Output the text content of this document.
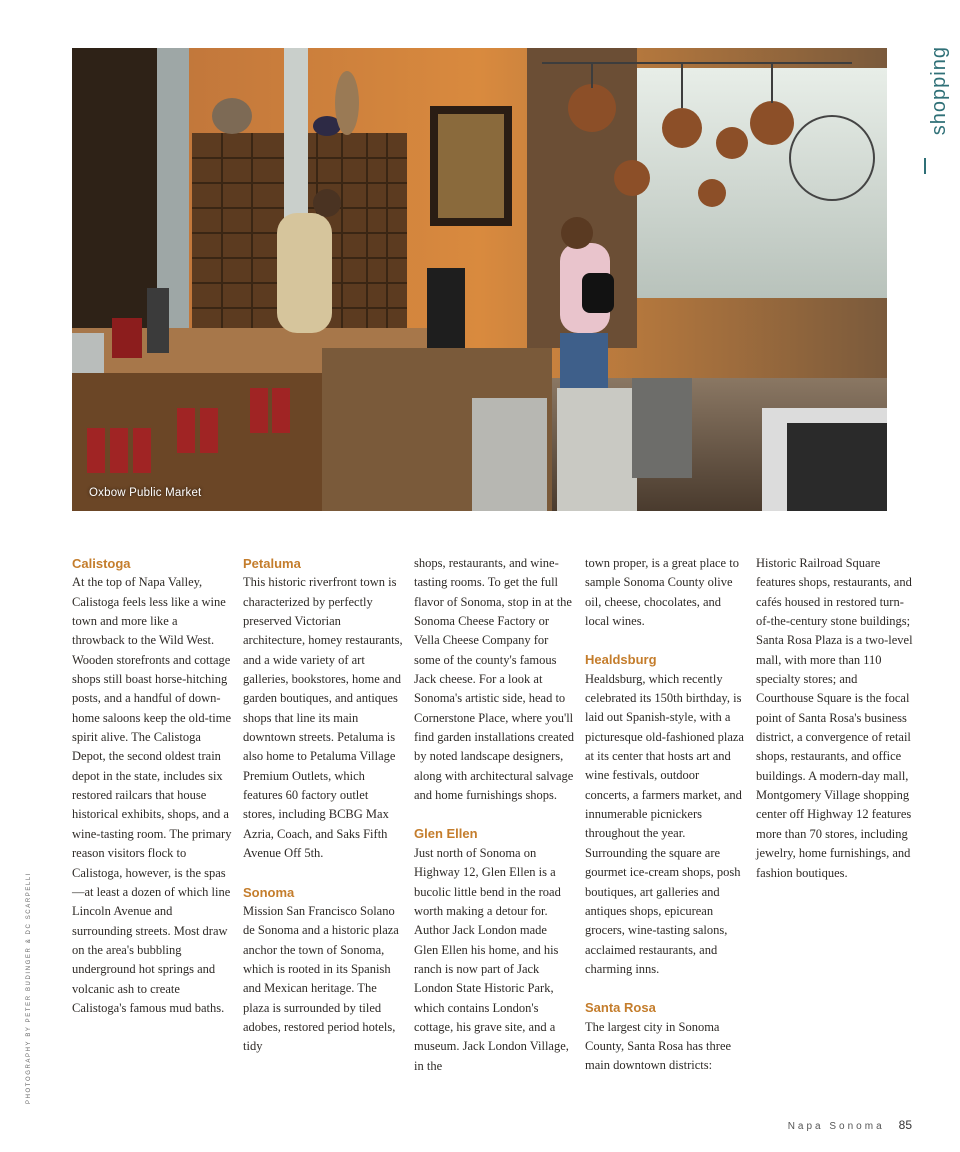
Oxbow Public Market
shopping
PHOTOGRAPHY BY PETER BUDINGER & DC SCARPELLI
Calistoga

At the top of Napa Valley, Calistoga feels less like a wine town and more like a throwback to the Wild West. Wooden storefronts and cottage shops still boast horse-hitching posts, and a handful of down-home saloons keep the old-time spirit alive. The Calistoga Depot, the second oldest train depot in the state, includes six restored railcars that house historical exhibits, shops, and a wine-tasting room. The primary reason visitors flock to Calistoga, however, is the spas—at least a dozen of which line Lincoln Avenue and surrounding streets. Most draw on the area's bubbling underground hot springs and volcanic ash to create Calistoga's famous mud baths.

Petaluma

This historic riverfront town is characterized by perfectly preserved Victorian architecture, homey restaurants, and a wide variety of art galleries, bookstores, home and garden boutiques, and antiques shops that line its main downtown streets. Petaluma is also home to Petaluma Village Premium Outlets, which features 60 factory outlet stores, including BCBG Max Azria, Coach, and Saks Fifth Avenue Off 5th.

Sonoma

Mission San Francisco Solano de Sonoma and a historic plaza anchor the town of Sonoma, which is rooted in its Spanish and Mexican heritage. The plaza is surrounded by tiled adobes, restored period hotels, tidy

shops, restaurants, and wine-tasting rooms. To get the full flavor of Sonoma, stop in at the Sonoma Cheese Factory or Vella Cheese Company for some of the county's famous Jack cheese. For a look at Sonoma's artistic side, head to Cornerstone Place, where you'll find garden installations created by noted landscape designers, along with architectural salvage and home furnishings shops.

Glen Ellen

Just north of Sonoma on Highway 12, Glen Ellen is a bucolic little bend in the road worth making a detour for. Author Jack London made Glen Ellen his home, and his ranch is now part of Jack London State Historic Park, which contains London's cottage, his grave site, and a museum. Jack London Village, in the

town proper, is a great place to sample Sonoma County olive oil, cheese, chocolates, and local wines.

Healdsburg

Healdsburg, which recently celebrated its 150th birthday, is laid out Spanish-style, with a picturesque old-fashioned plaza at its center that hosts art and wine festivals, outdoor concerts, a farmers market, and innumerable picnickers throughout the year. Surrounding the square are gourmet ice-cream shops, posh boutiques, art galleries and antiques shops, epicurean grocers, wine-tasting salons, acclaimed restaurants, and charming inns.

Santa Rosa

The largest city in Sonoma County, Santa Rosa has three main downtown districts:

Historic Railroad Square features shops, restaurants, and cafés housed in restored turn-of-the-century stone buildings; Santa Rosa Plaza is a two-level mall, with more than 110 specialty stores; and Courthouse Square is the focal point of Santa Rosa's business district, a convergence of retail shops, restaurants, and office buildings. A modern-day mall, Montgomery Village shopping center off Highway 12 features more than 70 stores, including jewelry, home furnishings, and fashion boutiques.

Napa Sonoma 85
